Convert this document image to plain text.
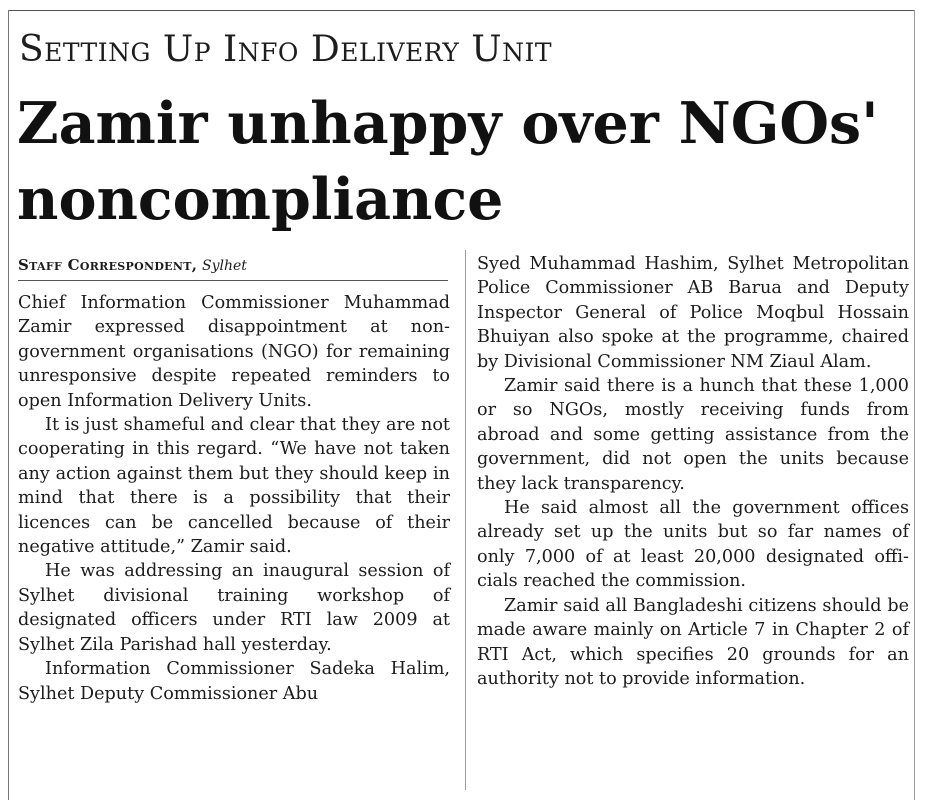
Setting Up Info Delivery Unit
Zamir unhappy over NGOs' noncompliance
Staff Correspondent, Sylhet

Chief Information Commissioner Muhammad Zamir expressed disappointment at non-government organisations (NGO) for remaining unresponsive despite repeated reminders to open Information Delivery Units.

It is just shameful and clear that they are not cooperating in this regard. “We have not taken any action against them but they should keep in mind that there is a possibility that their licences can be cancelled because of their negative attitude,” Zamir said.

He was addressing an inaugural session of Sylhet divisional training workshop of designated officers under RTI law 2009 at Sylhet Zila Parishad hall yesterday.

Information Commissioner Sadeka Halim, Sylhet Deputy Commissioner Abu

Syed Muhammad Hashim, Sylhet Metropolitan Police Commissioner AB Barua and Deputy Inspector General of Police Moqbul Hossain Bhuiyan also spoke at the programme, chaired by Divisional Commissioner NM Ziaul Alam.

Zamir said there is a hunch that these 1,000 or so NGOs, mostly receiving funds from abroad and some getting assistance from the government, did not open the units because they lack transparency.

He said almost all the government offices already set up the units but so far names of only 7,000 of at least 20,000 designated officials reached the commission.

Zamir said all Bangladeshi citizens should be made aware mainly on Article 7 in Chapter 2 of RTI Act, which specifies 20 grounds for an authority not to provide information.
